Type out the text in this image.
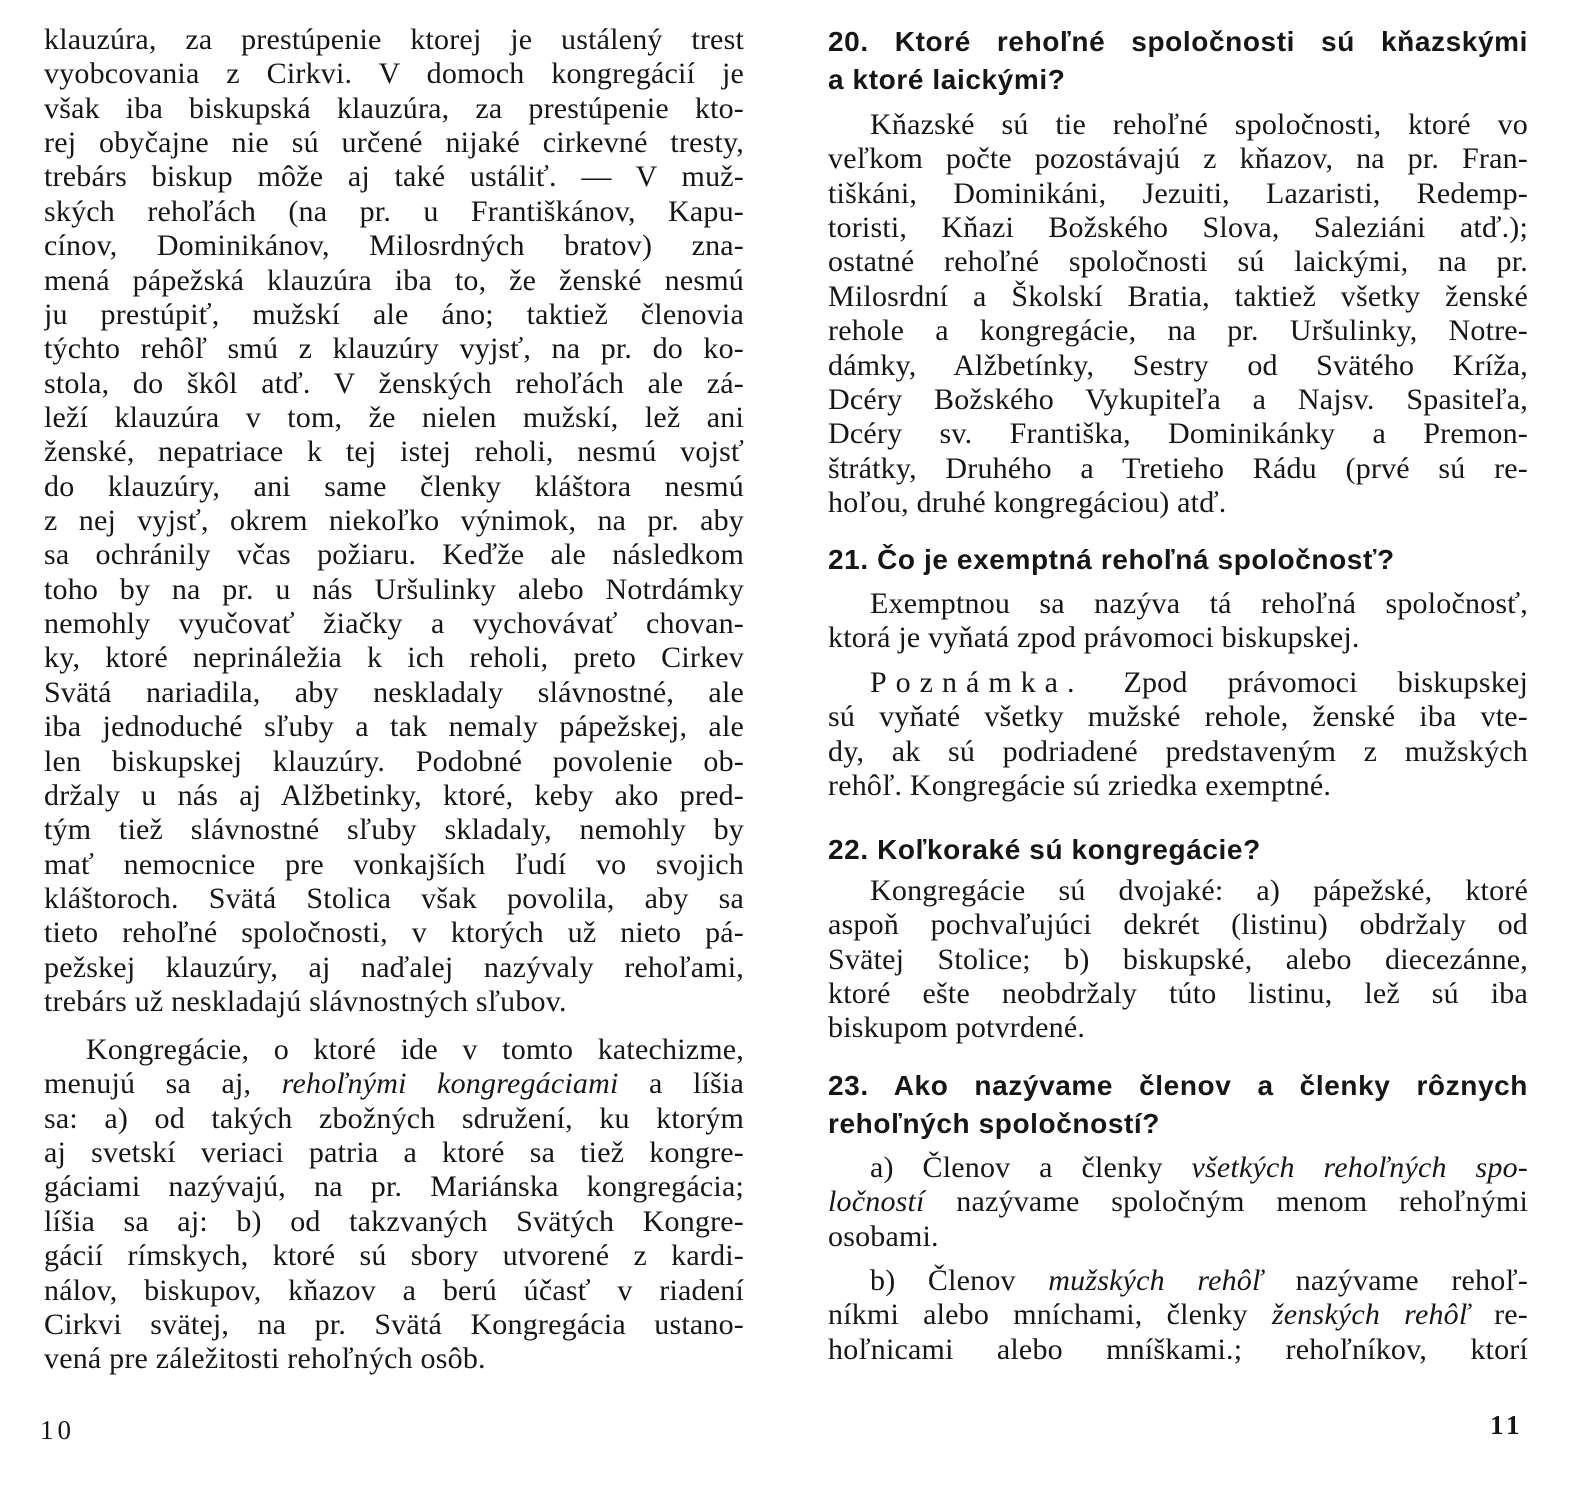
klauzúra, za prestúpenie ktorej je ustálený trest
vyobcovania z Cirkvi. V domoch kongregácií je
však iba biskupská klauzúra, za prestúpenie kto-
rej obyčajne nie sú určené nijaké cirkevné tresty,
trebárs biskup môže aj také ustáliť. — V muž-
ských rehoľách (na pr. u Františkánov, Kapu-
cínov, Dominikánov, Milosrdných bratov) zna-
mená pápežská klauzúra iba to, že ženské nesmú
ju prestúpiť, mužskí ale áno; taktiež členovia
týchto rehôľ smú z klauzúry vyjsť, na pr. do ko-
stola, do škôl atď. V ženských rehoľách ale zá-
leží klauzúra v tom, že nielen mužskí, lež ani
ženské, nepatriace k tej istej reholi, nesmú vojsť
do klauzúry, ani same členky kláštora nesmú
z nej vyjsť, okrem niekoľko výnimok, na pr. aby
sa ochránily včas požiaru. Keďže ale následkom
toho by na pr. u nás Uršulinky alebo Notrdámky
nemohly vyučovať žiačky a vychovávať chovan-
ky, ktoré neprináležia k ich reholi, preto Cirkev
Svätá nariadila, aby neskladaly slávnostné, ale
iba jednoduché sľuby a tak nemaly pápežskej, ale
len biskupskej klauzúry. Podobné povolenie ob-
držaly u nás aj Alžbetinky, ktoré, keby ako pred-
tým tiež slávnostné sľuby skladaly, nemohly by
mať nemocnice pre vonkajších ľudí vo svojich
kláštoroch. Svätá Stolica však povolila, aby sa
tieto rehoľné spoločnosti, v ktorých už nieto pá-
pežskej klauzúry, aj naďalej nazývaly rehoľami,
trebárs už neskladajú slávnostných sľubov.
Kongregácie, o ktoré ide v tomto katechizme,
menujú sa aj, rehoľnými kongregáciami a líšia
sa: a) od takých zbožných sdružení, ku ktorým
aj svetskí veriaci patria a ktoré sa tiež kongre-
gáciami nazývajú, na pr. Mariánska kongregácia;
líšia sa aj: b) od takzvaných Svätých Kongre-
gácií rímskych, ktoré sú sbory utvorené z kardi-
nálov, biskupov, kňazov a berú účasť v riadení
Cirkvi svätej, na pr. Svätá Kongregácia ustano-
vená pre záležitosti rehoľných osôb.
10
20. Ktoré rehoľné spoločnosti sú kňazskými
a ktoré laickými?
Kňazské sú tie rehoľné spoločnosti, ktoré vo
veľkom počte pozostávajú z kňazov, na pr. Fran-
tiškáni, Dominikáni, Jezuiti, Lazaristi, Redemp-
toristi, Kňazi Božského Slova, Saleziáni atď.);
ostatné rehoľné spoločnosti sú laickými, na pr.
Milosrdní a Školskí Bratia, taktiež všetky ženské
rehole a kongregácie, na pr. Uršulinky, Notre-
dámky, Alžbetínky, Sestry od Svätého Kríža,
Dcéry Božského Vykupiteľa a Najsv. Spasiteľa,
Dcéry sv. Františka, Dominikánky a Premon-
štrátky, Druhého a Tretieho Rádu (prvé sú re-
hoľou, druhé kongregáciou) atď.
21. Čo je exemptná rehoľná spoločnosť?
Exemptnou sa nazýva tá rehoľná spoločnosť,
ktorá je vyňatá zpod právomoci biskupskej.
Poznámka. Zpod právomoci biskupskej
sú vyňaté všetky mužské rehole, ženské iba vte-
dy, ak sú podriadené predstaveným z mužských
rehôľ. Kongregácie sú zriedka exemptné.
22. Koľkoraké sú kongregácie?
Kongregácie sú dvojaké: a) pápežské, ktoré
aspoň pochvaľujúci dekrét (listinu) obdržaly od
Svätej Stolice; b) biskupské, alebo diecezánne,
ktoré ešte neobdržaly túto listinu, lež sú iba
biskupom potvrdené.
23. Ako nazývame členov a členky rôznych
rehoľných spoločností?
a) Členov a členky všetkých rehoľných spo-
ločností nazývame spoločným menom rehoľnými
osobami.
b) Členov mužských rehôľ nazývame rehoľ-
níkmi alebo mníchami, členky ženských rehôľ re-
hoľnicami alebo mníškami.; rehoľníkov, ktorí
11
